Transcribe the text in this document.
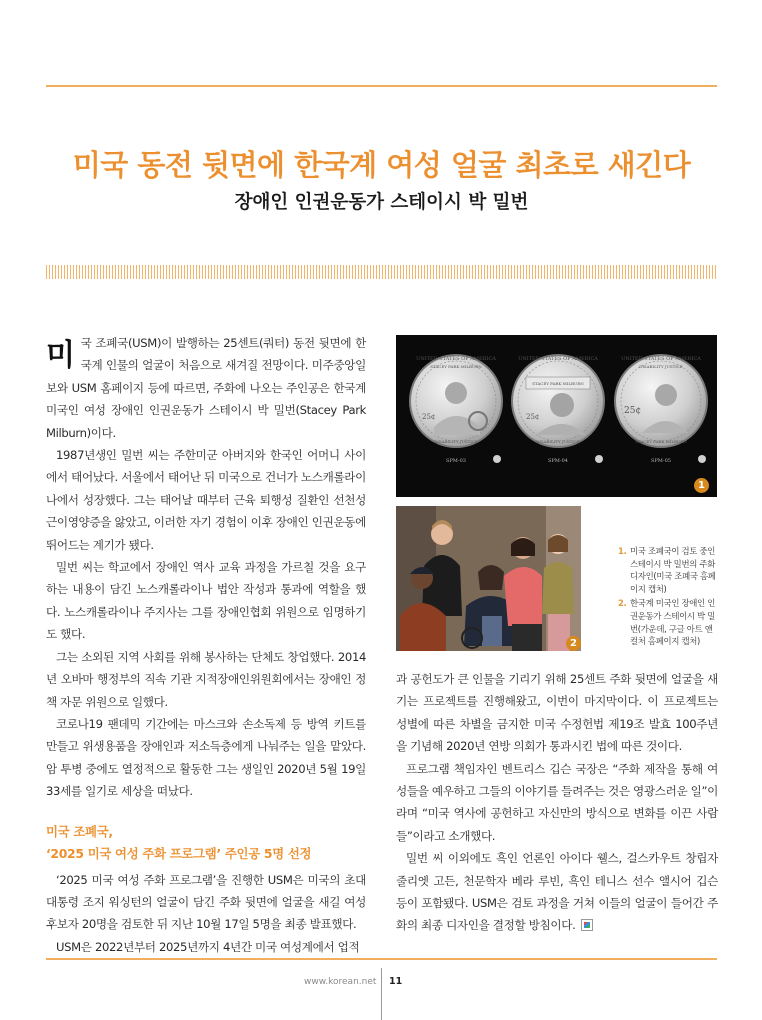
미국 동전 뒷면에 한국계 여성 얼굴 최초로 새긴다
장애인 인권운동가 스테이시 박 밀번

미국 조폐국(USM)이 발행하는 25센트(쿼터) 동전 뒷면에 한국계 인물의 얼굴이 처음으로 새겨질 전망이다. 미주중앙일보와 USM 홈페이지 등에 따르면, 주화에 나오는 주인공은 한국계 미국인 여성 장애인 인권운동가 스테이시 박 밀번(Stacey Park Milburn)이다.

1987년생인 밀번 씨는 주한미군 아버지와 한국인 어머니 사이에서 태어났다. 서울에서 태어난 뒤 미국으로 건너가 노스캐롤라이나에서 성장했다. 그는 태어날 때부터 근육 퇴행성 질환인 선천성 근이영양증을 앓았고, 이러한 자기 경험이 이후 장애인 인권운동에 뛰어드는 계기가 됐다.

밀번 씨는 학교에서 장애인 역사 교육 과정을 가르칠 것을 요구하는 내용이 담긴 노스캐롤라이나 법안 작성과 통과에 역할을 했다. 노스캐롤라이나 주지사는 그를 장애인협회 위원으로 임명하기도 했다.

그는 소외된 지역 사회를 위해 봉사하는 단체도 창업했다. 2014년 오바마 행정부의 직속 기관 지적장애인위원회에서는 장애인 정책 자문 위원으로 일했다.

코로나19 팬데믹 기간에는 마스크와 손소독제 등 방역 키트를 만들고 위생용품을 장애인과 저소득층에게 나눠주는 일을 맡았다. 암 투병 중에도 열정적으로 활동한 그는 생일인 2020년 5월 19일 33세를 일기로 세상을 떠났다.

미국 조폐국,
‘2025 미국 여성 주화 프로그램’ 주인공 5명 선정

‘2025 미국 여성 주화 프로그램’을 진행한 USM은 미국의 초대 대통령 조지 워싱턴의 얼굴이 담긴 주화 뒷면에 얼굴을 새길 여성 후보자 20명을 검토한 뒤 지난 10월 17일 5명을 최종 발표했다.

USM은 2022년부터 2025년까지 4년간 미국 여성계에서 업적

UNITED STATES OF AMERICA
STACEY PARK MILBURN
DISABILITY JUSTICE
25¢
SPM-03
STACEY PARK MILBURN
UNITED STATES OF AMERICA
DISABILITY JUSTICE
25¢
SPM-04
UNITED STATES OF AMERICA
DISABILITY JUSTICE
STACEY PARK MILBURN
25¢
SPM-05
1
2
1. 미국 조폐국이 검토 중인 스테이시 박 밀번의 주화 디자인(미국 조폐국 홈페이지 캡처)
2. 한국계 미국인 장애인 인권운동가 스테이시 박 밀번(가운데, 구글 아트 앤 컬처 홈페이지 캡처)

과 공헌도가 큰 인물을 기리기 위해 25센트 주화 뒷면에 얼굴을 새기는 프로젝트를 진행해왔고, 이번이 마지막이다. 이 프로젝트는 성별에 따른 차별을 금지한 미국 수정헌법 제19조 발효 100주년을 기념해 2020년 연방 의회가 통과시킨 법에 따른 것이다.

프로그램 책임자인 벤트리스 깁슨 국장은 “주화 제작을 통해 여성들을 예우하고 그들의 이야기를 들려주는 것은 영광스러운 일”이라며 “미국 역사에 공헌하고 자신만의 방식으로 변화를 이끈 사람들”이라고 소개했다.

밀번 씨 이외에도 흑인 언론인 아이다 웰스, 걸스카우트 창립자 줄리엣 고든, 천문학자 베라 루빈, 흑인 테니스 선수 앨시어 깁슨 등이 포함됐다. USM은 검토 과정을 거쳐 이들의 얼굴이 들어간 주화의 최종 디자인을 결정할 방침이다.

www.korean.net 11
